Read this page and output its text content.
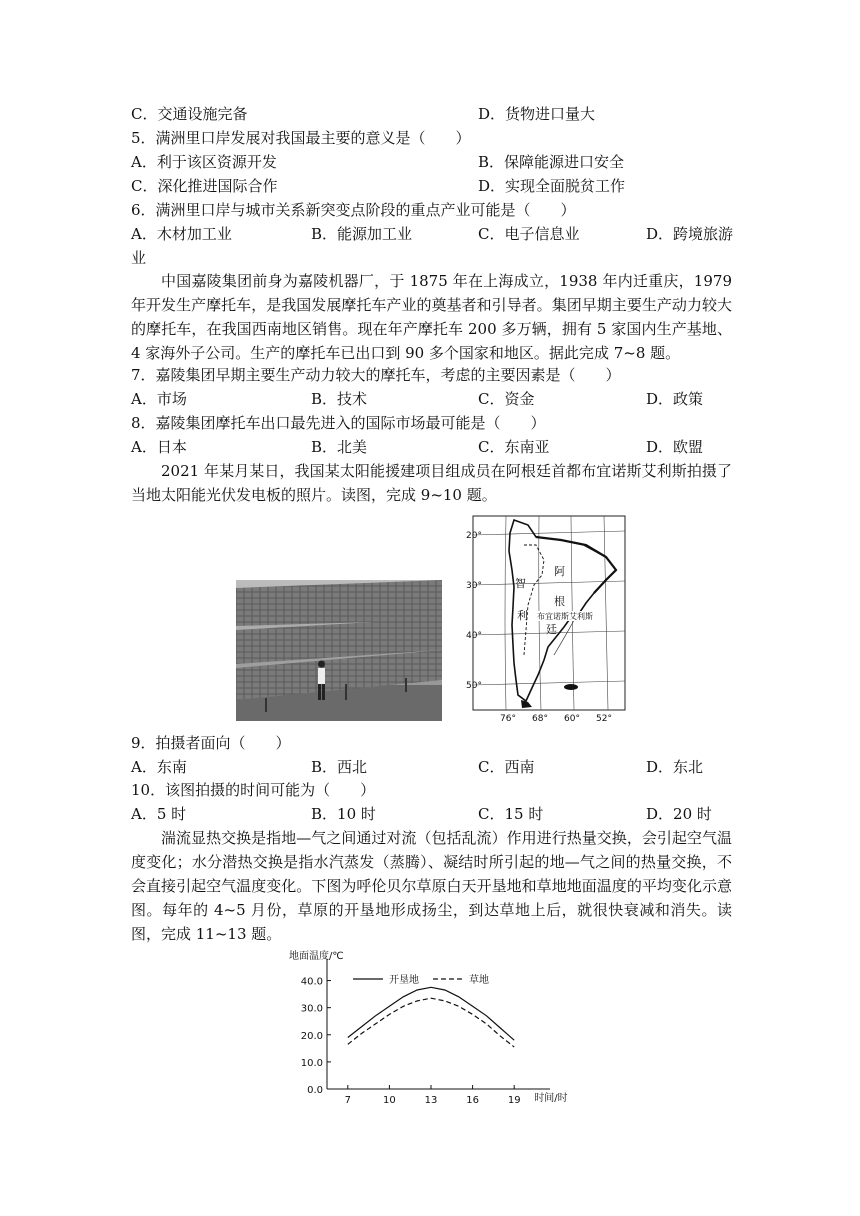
C．交通设施完备	D．货物进口量大
5．满洲里口岸发展对我国最主要的意义是（　　）
A．利于该区资源开发	B．保障能源进口安全
C．深化推进国际合作	D．实现全面脱贫工作
6．满洲里口岸与城市关系新突变点阶段的重点产业可能是（　　）
A．木材加工业	B．能源加工业	C．电子信息业	D．跨境旅游
业
中国嘉陵集团前身为嘉陵机器厂，于 1875 年在上海成立，1938 年内迁重庆，1979 年开发生产摩托车，是我国发展摩托车产业的奠基者和引导者。集团早期主要生产动力较大的摩托车，在我国西南地区销售。现在年产摩托车 200 多万辆，拥有 5 家国内生产基地、4 家海外子公司。生产的摩托车已出口到 90 多个国家和地区。据此完成 7~8 题。
7．嘉陵集团早期主要生产动力较大的摩托车，考虑的主要因素是（　　）
A．市场	B．技术	C．资金	D．政策
8．嘉陵集团摩托车出口最先进入的国际市场最可能是（　　）
A．日本	B．北美	C．东南亚	D．欧盟
2021 年某月某日，我国某太阳能援建项目组成员在阿根廷首都布宜诺斯艾利斯拍摄了当地太阳能光伏发电板的照片。读图，完成 9~10 题。
20°
30°
40°
50°
76° 68° 60° 52°
智
利
阿
根
廷
布宜诺斯艾利斯
9．拍摄者面向（　　）
A．东南	B．西北	C．西南	D．东北
10．该图拍摄的时间可能为（　　）
A．5 时	B．10 时	C．15 时	D．20 时
湍流显热交换是指地—气之间通过对流（包括乱流）作用进行热量交换，会引起空气温度变化；水分潜热交换是指水汽蒸发（蒸腾）、凝结时所引起的地—气之间的热量交换，不会直接引起空气温度变化。下图为呼伦贝尔草原白天开垦地和草地地面温度的平均变化示意图。每年的 4~5 月份，草原的开垦地形成扬尘，到达草地上后，就很快衰减和消失。读图，完成 11~13 题。
地面温度/℃
时间/时
7	10	13	16	19
0.0
10.0
20.0
30.0
40.0	开垦地	草地
